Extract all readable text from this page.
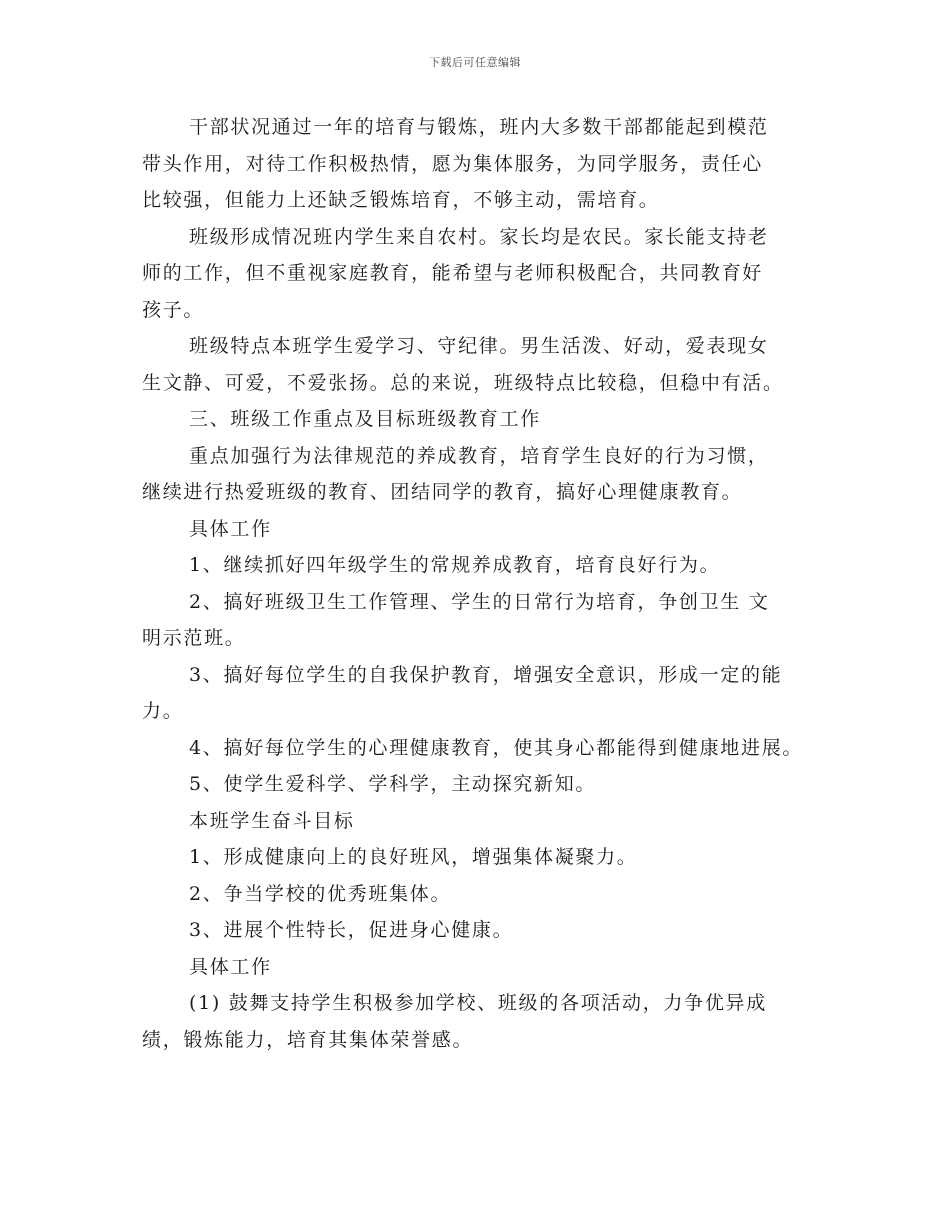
下载后可任意编辑
干部状况通过一年的培育与锻炼，班内大多数干部都能起到模范
带头作用，对待工作积极热情，愿为集体服务，为同学服务，责任心
比较强，但能力上还缺乏锻炼培育，不够主动，需培育。
班级形成情况班内学生来自农村。家长均是农民。家长能支持老
师的工作，但不重视家庭教育，能希望与老师积极配合，共同教育好
孩子。
班级特点本班学生爱学习、守纪律。男生活泼、好动，爱表现女
生文静、可爱，不爱张扬。总的来说，班级特点比较稳，但稳中有活。
三、班级工作重点及目标班级教育工作
重点加强行为法律规范的养成教育，培育学生良好的行为习惯，
继续进行热爱班级的教育、团结同学的教育，搞好心理健康教育。
具体工作
1、继续抓好四年级学生的常规养成教育，培育良好行为。
2、搞好班级卫生工作管理、学生的日常行为培育，争创卫生 文
明示范班。
3、搞好每位学生的自我保护教育，增强安全意识，形成一定的能
力。
4、搞好每位学生的心理健康教育，使其身心都能得到健康地进展。
5、使学生爱科学、学科学，主动探究新知。
本班学生奋斗目标
1、形成健康向上的良好班风，增强集体凝聚力。
2、争当学校的优秀班集体。
3、进展个性特长，促进身心健康。
具体工作
(1) 鼓舞支持学生积极参加学校、班级的各项活动，力争优异成
绩，锻炼能力，培育其集体荣誉感。
